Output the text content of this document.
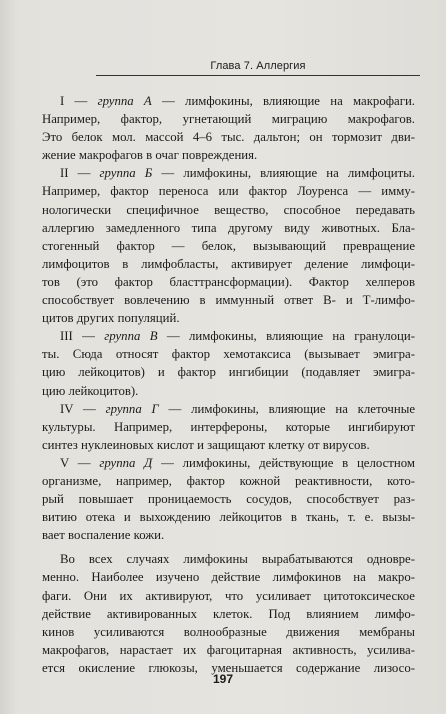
Глава 7. Аллергия
I — группа А — лимфокины, влияющие на макрофаги.
Например, фактор, угнетающий миграцию макрофагов.
Это белок мол. массой 4–6 тыс. дальтон; он тормозит дви-
жение макрофагов в очаг повреждения.
II — группа Б — лимфокины, влияющие на лимфоциты.
Например, фактор переноса или фактор Лоуренса — имму-
нологически специфичное вещество, способное передавать
аллергию замедленного типа другому виду животных. Бла-
стогенный фактор — белок, вызывающий превращение
лимфоцитов в лимфобласты, активирует деление лимфоци-
тов (это фактор бласттрансформации). Фактор хелперов
способствует вовлечению в иммунный ответ В- и Т-лимфо-
цитов других популяций.
III — группа В — лимфокины, влияющие на гранулоци-
ты. Сюда относят фактор хемотаксиса (вызывает эмигра-
цию лейкоцитов) и фактор ингибиции (подавляет эмигра-
цию лейкоцитов).
IV — группа Г — лимфокины, влияющие на клеточные
культуры. Например, интерфероны, которые ингибируют
синтез нуклеиновых кислот и защищают клетку от вирусов.
V — группа Д — лимфокины, действующие в целостном
организме, например, фактор кожной реактивности, кото-
рый повышает проницаемость сосудов, способствует раз-
витию отека и выхождению лейкоцитов в ткань, т. е. вызы-
вает воспаление кожи.
Во всех случаях лимфокины вырабатываются одновре-
менно. Наиболее изучено действие лимфокинов на макро-
фаги. Они их активируют, что усиливает цитотоксическое
действие активированных клеток. Под влиянием лимфо-
кинов усиливаются волнообразные движения мембраны
макрофагов, нарастает их фагоцитарная активность, усилива-
ется окисление глюкозы, уменьшается содержание лизосо-
197
